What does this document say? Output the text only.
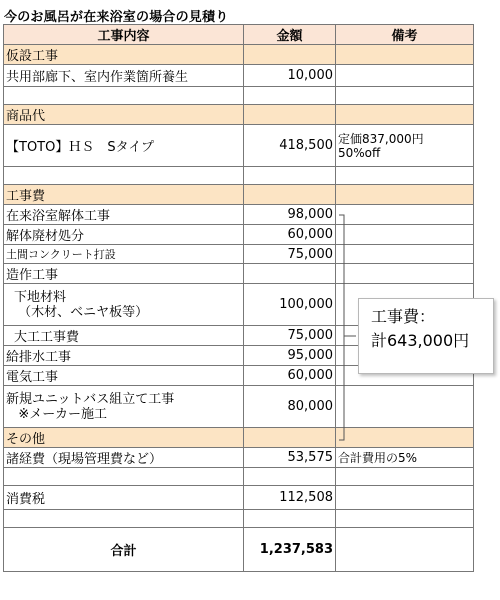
今のお風呂が在来浴室の場合の見積り
工事内容	金額	備考
仮設工事		
共用部廊下、室内作業箇所養生	10,000	

商品代		
【TOTO】ＨＳ　Sタイプ	418,500	定価837,000円
50%off

工事費		
在来浴室解体工事	98,000	
解体廃材処分	60,000	
土間コンクリート打設	75,000	
造作工事		
下地材料
（木材、ベニヤ板等）	100,000	
大工工事費	75,000	
給排水工事	95,000	
電気工事	60,000	
新規ユニットバス組立て工事
※メーカー施工	80,000	
その他		
諸経費（現場管理費など）	53,575	合計費用の5%

消費税	112,508	

合計	1,237,583	
工事費：
計643,000円
